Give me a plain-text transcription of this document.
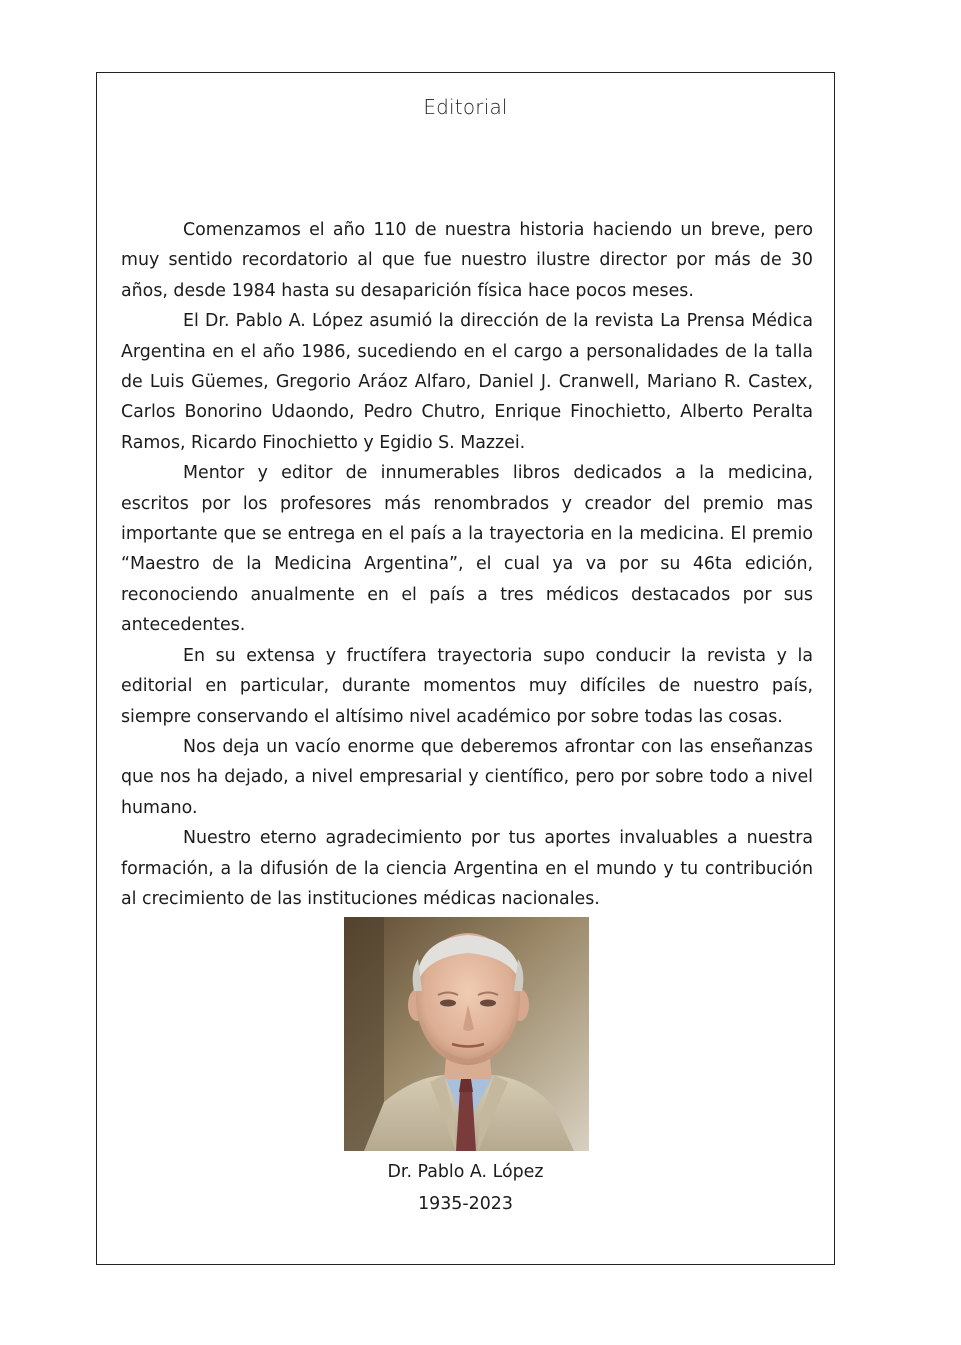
Editorial

Comenzamos el año 110 de nuestra historia haciendo un breve, pero muy sentido recordatorio al que fue nuestro ilustre director por más de 30 años, desde 1984 hasta su desaparición física hace pocos meses.

El Dr. Pablo A. López asumió la dirección de la revista La Prensa Médica Argentina en el año 1986, sucediendo en el cargo a personalidades de la talla de Luis Güemes, Gregorio Aráoz Alfaro, Daniel J. Cranwell, Mariano R. Castex, Carlos Bonorino Udaondo, Pedro Chutro, Enrique Finochietto, Alberto Peralta Ramos, Ricardo Finochietto y Egidio S. Mazzei.

Mentor y editor de innumerables libros dedicados a la medicina, escritos por los profesores más renombrados y creador del premio mas importante que se entrega en el país a la trayectoria en la medicina. El premio “Maestro de la Medicina Argentina”, el cual ya va por su 46ta edición, reconociendo anualmente en el país a tres médicos destacados por sus antecedentes.

En su extensa y fructífera trayectoria supo conducir la revista y la editorial en particular, durante momentos muy difíciles de nuestro país, siempre conservando el altísimo nivel académico por sobre todas las cosas.

Nos deja un vacío enorme que deberemos afrontar con las enseñanzas que nos ha dejado, a nivel empresarial y científico, pero por sobre todo a nivel humano.

Nuestro eterno agradecimiento por tus aportes invaluables a nuestra formación, a la difusión de la ciencia Argentina en el mundo y tu contribución al crecimiento de las instituciones médicas nacionales.

Dr. Pablo A. López
1935-2023
